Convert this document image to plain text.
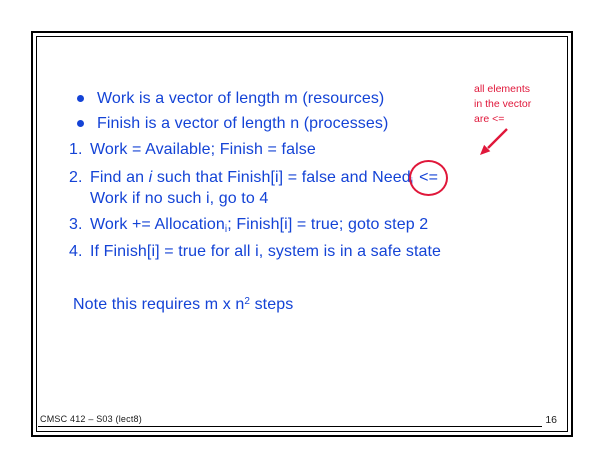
Work is a vector of length m (resources)
Finish is a vector of length n (processes)
1. Work = Available; Finish = false
2. Find an i such that Finish[i] = false and Needi <=
Work if no such i, go to 4
3. Work += Allocationi; Finish[i] = true; goto step 2
4. If Finish[i] = true for all i, system is in a safe state
Note this requires m x $n^2$ steps
all elements
in the vector
are <=
CMSC 412 – S03 (lect8)	16
